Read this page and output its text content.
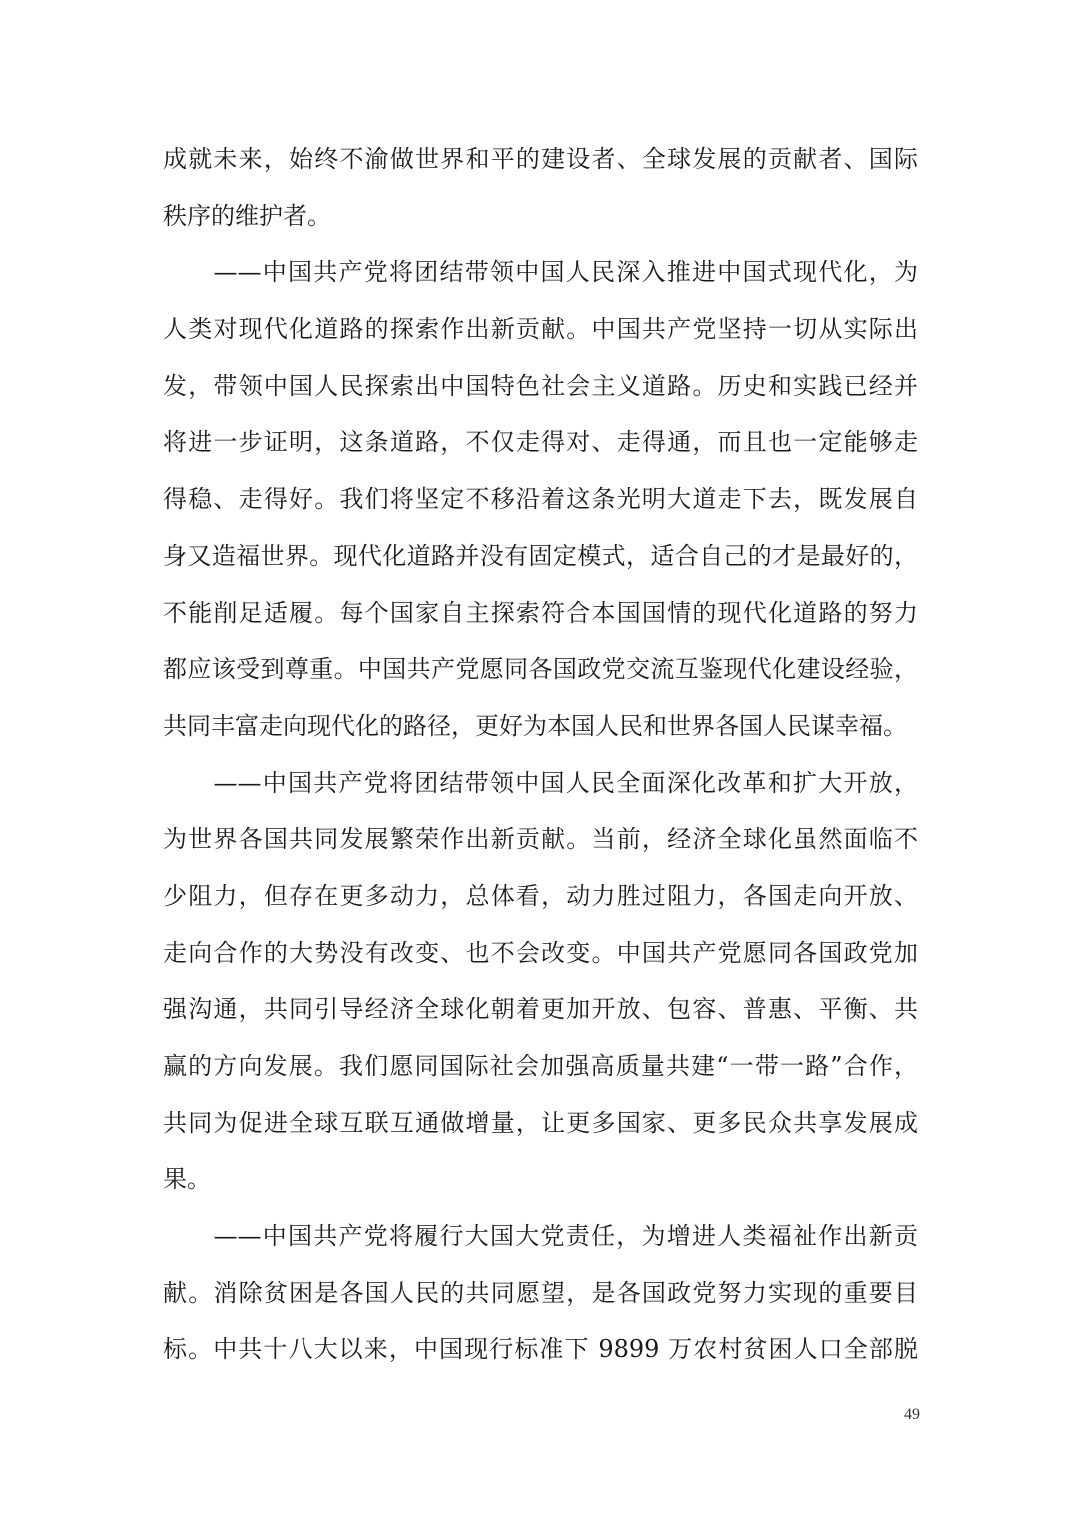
成就未来，始终不渝做世界和平的建设者、全球发展的贡献者、国际
秩序的维护者。
　　——中国共产党将团结带领中国人民深入推进中国式现代化，为
人类对现代化道路的探索作出新贡献。中国共产党坚持一切从实际出
发，带领中国人民探索出中国特色社会主义道路。历史和实践已经并
将进一步证明，这条道路，不仅走得对、走得通，而且也一定能够走
得稳、走得好。我们将坚定不移沿着这条光明大道走下去，既发展自
身又造福世界。现代化道路并没有固定模式，适合自己的才是最好的，
不能削足适履。每个国家自主探索符合本国国情的现代化道路的努力
都应该受到尊重。中国共产党愿同各国政党交流互鉴现代化建设经验，
共同丰富走向现代化的路径，更好为本国人民和世界各国人民谋幸福。
　　——中国共产党将团结带领中国人民全面深化改革和扩大开放，
为世界各国共同发展繁荣作出新贡献。当前，经济全球化虽然面临不
少阻力，但存在更多动力，总体看，动力胜过阻力，各国走向开放、
走向合作的大势没有改变、也不会改变。中国共产党愿同各国政党加
强沟通，共同引导经济全球化朝着更加开放、包容、普惠、平衡、共
赢的方向发展。我们愿同国际社会加强高质量共建“一带一路”合作，
共同为促进全球互联互通做增量，让更多国家、更多民众共享发展成
果。
　　——中国共产党将履行大国大党责任，为增进人类福祉作出新贡
献。消除贫困是各国人民的共同愿望，是各国政党努力实现的重要目
标。中共十八大以来，中国现行标准下 9899 万农村贫困人口全部脱
49
